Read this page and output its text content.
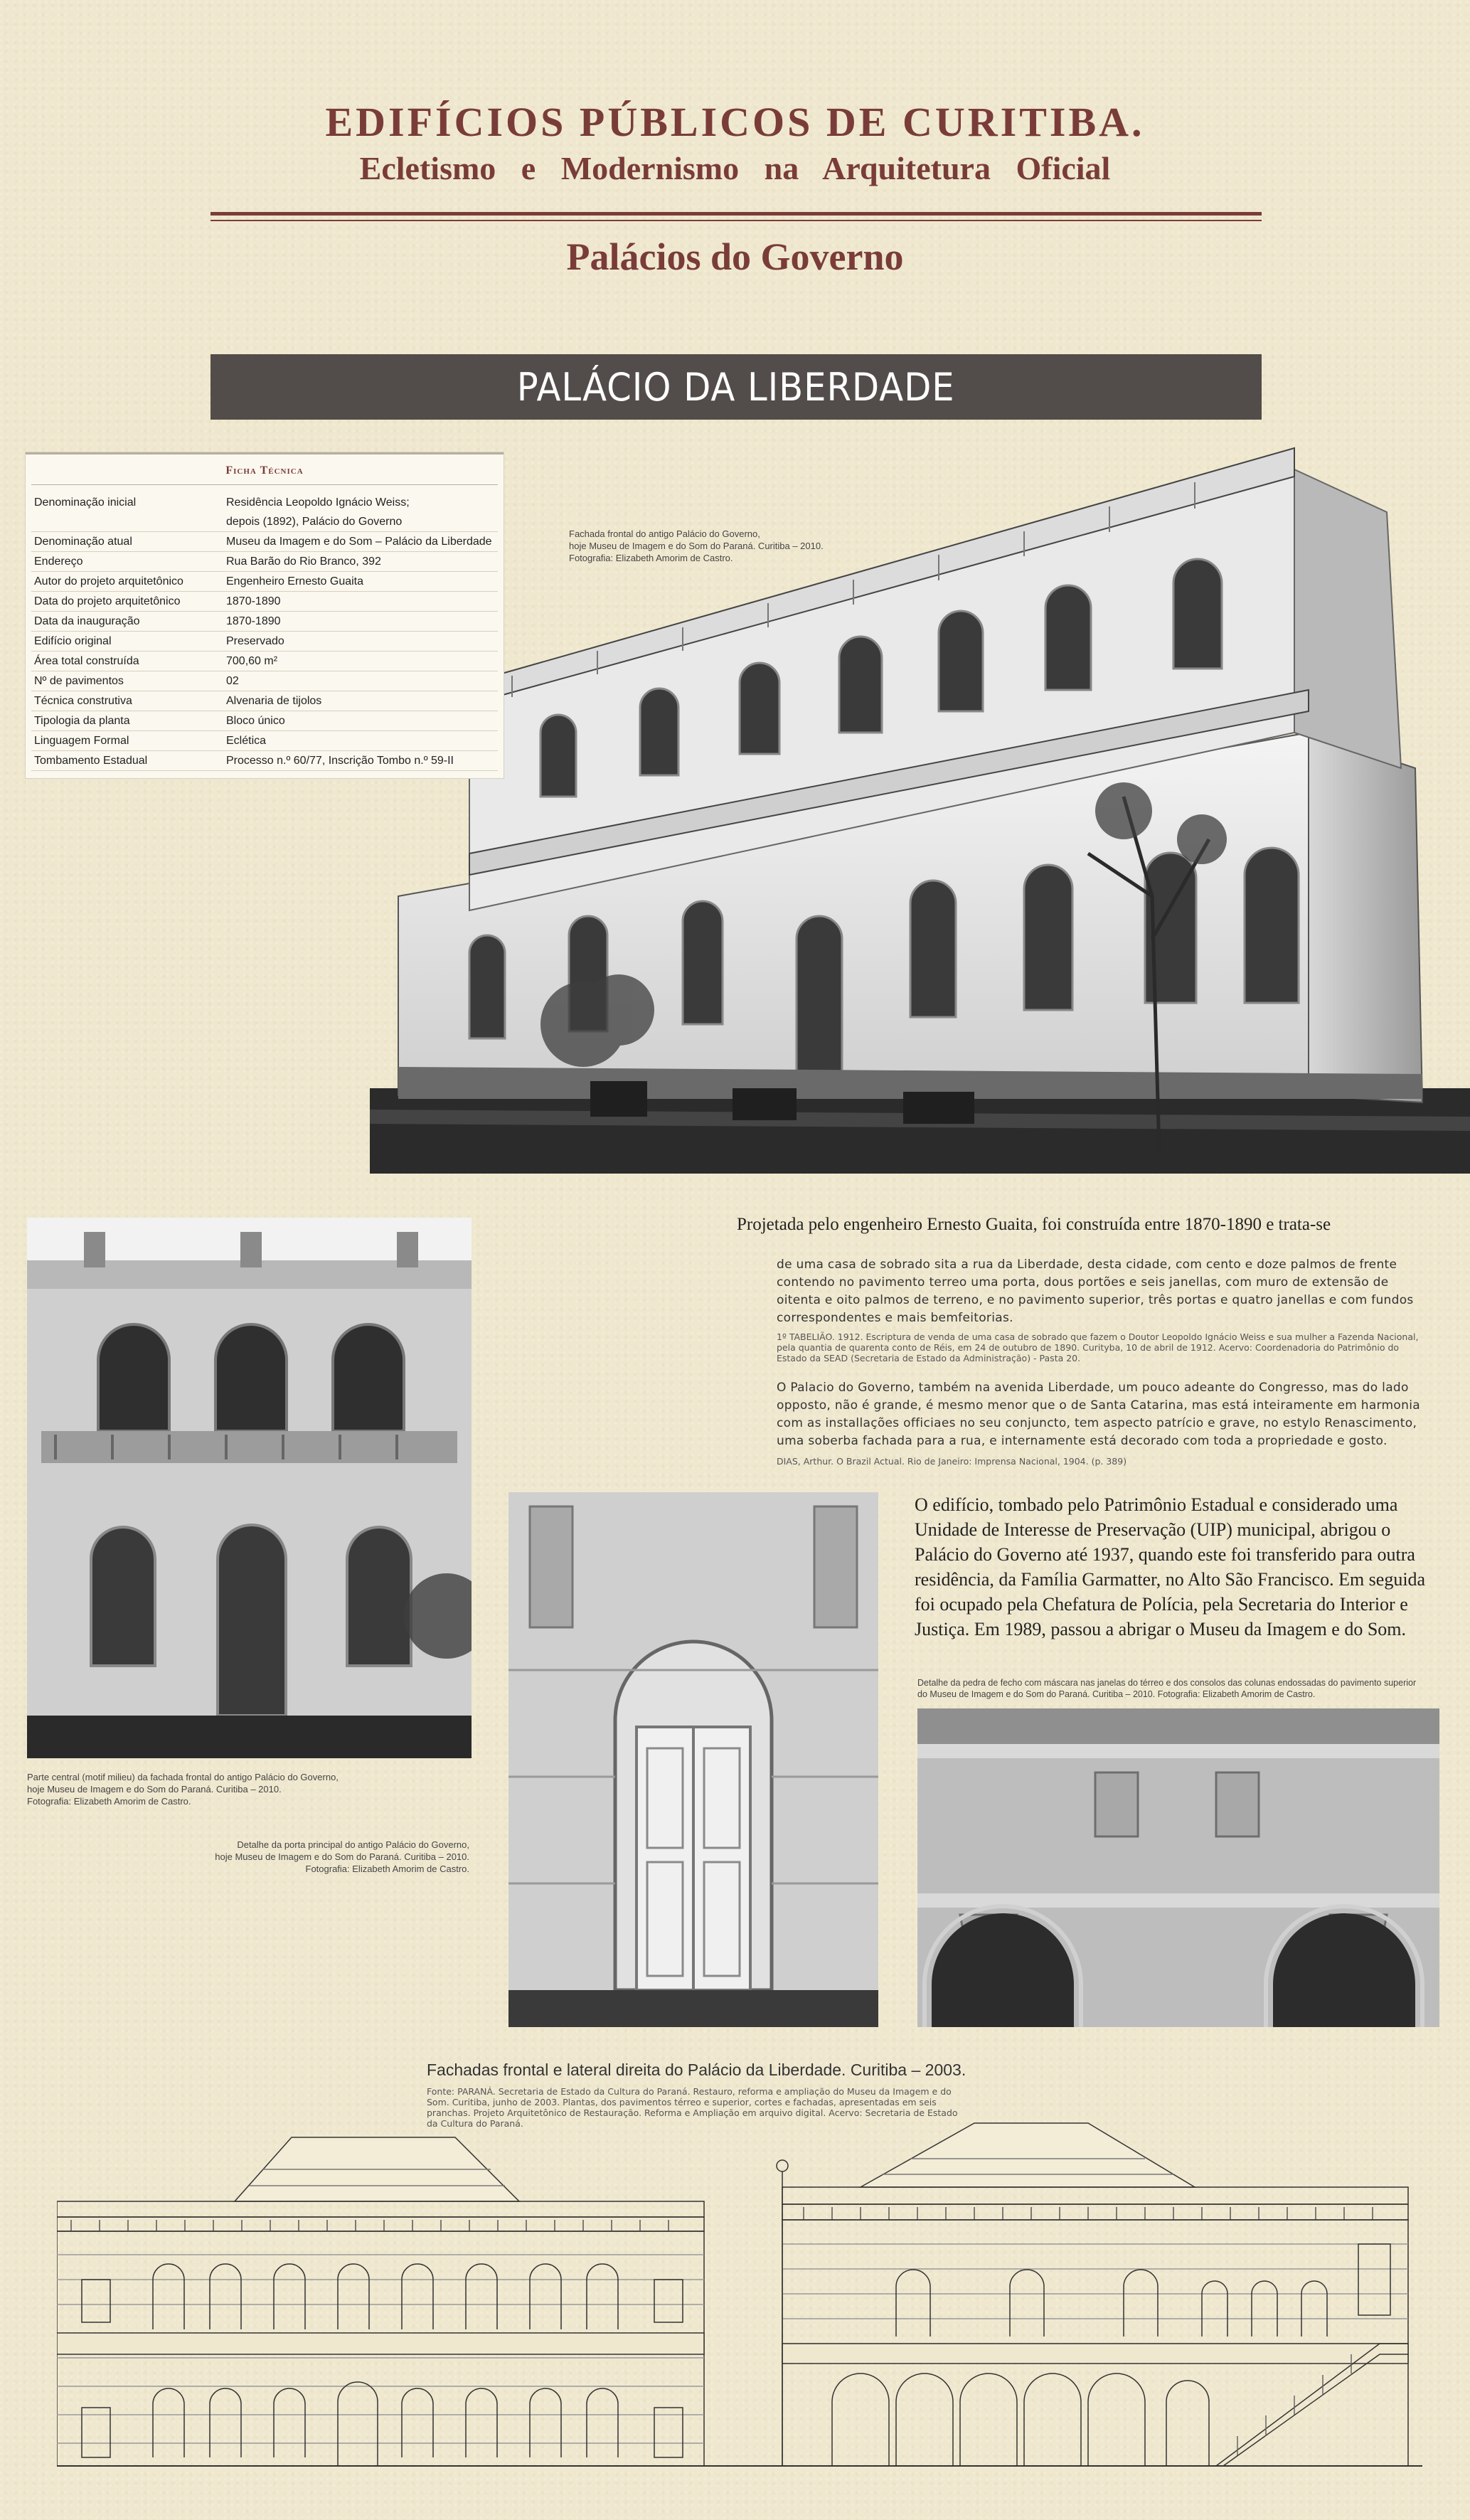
EDIFÍCIOS PÚBLICOS DE CURITIBA.
Ecletismo e Modernismo na Arquitetura Oficial
Palácios do Governo
PALÁCIO DA LIBERDADE
Ficha Técnica
Denominação inicial	Residência Leopoldo Ignácio Weiss;
depois (1892), Palácio do Governo
Denominação atual	Museu da Imagem e do Som – Palácio da Liberdade
Endereço	Rua Barão do Rio Branco, 392
Autor do projeto arquitetônico	Engenheiro Ernesto Guaita
Data do projeto arquitetônico	1870-1890
Data da inauguração	1870-1890
Edifício original	Preservado
Área total construída	700,60 m²
Nº de pavimentos	02
Técnica construtiva	Alvenaria de tijolos
Tipologia da planta	Bloco único
Linguagem Formal	Eclética
Tombamento Estadual	Processo n.º 60/77, Inscrição Tombo n.º 59-II
Fachada frontal do antigo Palácio do Governo,
hoje Museu de Imagem e do Som do Paraná. Curitiba – 2010.
Fotografia: Elizabeth Amorim de Castro.
Parte central (motif milieu) da fachada frontal do antigo Palácio do Governo,
hoje Museu de Imagem e do Som do Paraná. Curitiba – 2010.
Fotografia: Elizabeth Amorim de Castro.
Detalhe da porta principal do antigo Palácio do Governo,
hoje Museu de Imagem e do Som do Paraná. Curitiba – 2010.
Fotografia: Elizabeth Amorim de Castro.
Projetada pelo engenheiro Ernesto Guaita, foi construída entre 1870-1890 e trata-se
de uma casa de sobrado sita a rua da Liberdade, desta cidade, com cento e doze palmos de frente contendo no pavimento terreo uma porta, dous portões e seis janellas, com muro de extensão de oitenta e oito palmos de terreno, e no pavimento superior, três portas e quatro janellas e com fundos correspondentes e mais bemfeitorias.
1º TABELIÃO. 1912. Escriptura de venda de uma casa de sobrado que fazem o Doutor Leopoldo Ignácio Weiss e sua mulher a Fazenda Nacional, pela quantia de quarenta conto de Réis, em 24 de outubro de 1890. Curityba, 10 de abril de 1912. Acervo: Coordenadoria do Patrimônio do Estado da SEAD (Secretaria de Estado da Administração) - Pasta 20.
O Palacio do Governo, também na avenida Liberdade, um pouco adeante do Congresso, mas do lado opposto, não é grande, é mesmo menor que o de Santa Catarina, mas está inteiramente em harmonia com as installações officiaes no seu conjuncto, tem aspecto patrício e grave, no estylo Renascimento, uma soberba fachada para a rua, e internamente está decorado com toda a propriedade e gosto.
DIAS, Arthur. O Brazil Actual. Rio de Janeiro: Imprensa Nacional, 1904. (p. 389)
O edifício, tombado pelo Patrimônio Estadual e considerado uma Unidade de Interesse de Preservação (UIP) municipal, abrigou o Palácio do Governo até 1937, quando este foi transferido para outra residência, da Família Garmatter, no Alto São Francisco. Em seguida foi ocupado pela Chefatura de Polícia, pela Secretaria do Interior e Justiça. Em 1989, passou a abrigar o Museu da Imagem e do Som.
Detalhe da pedra de fecho com máscara nas janelas do térreo e dos consolos das colunas endossadas do pavimento superior
do Museu de Imagem e do Som do Paraná. Curitiba – 2010. Fotografia: Elizabeth Amorim de Castro.
Fachadas frontal e lateral direita do Palácio da Liberdade. Curitiba – 2003.
Fonte: PARANÁ. Secretaria de Estado da Cultura do Paraná. Restauro, reforma e ampliação do Museu da Imagem e do Som. Curitiba, junho de 2003. Plantas, dos pavimentos térreo e superior, cortes e fachadas, apresentadas em seis pranchas. Projeto Arquitetônico de Restauração. Reforma e Ampliação em arquivo digital. Acervo: Secretaria de Estado da Cultura do Paraná.
